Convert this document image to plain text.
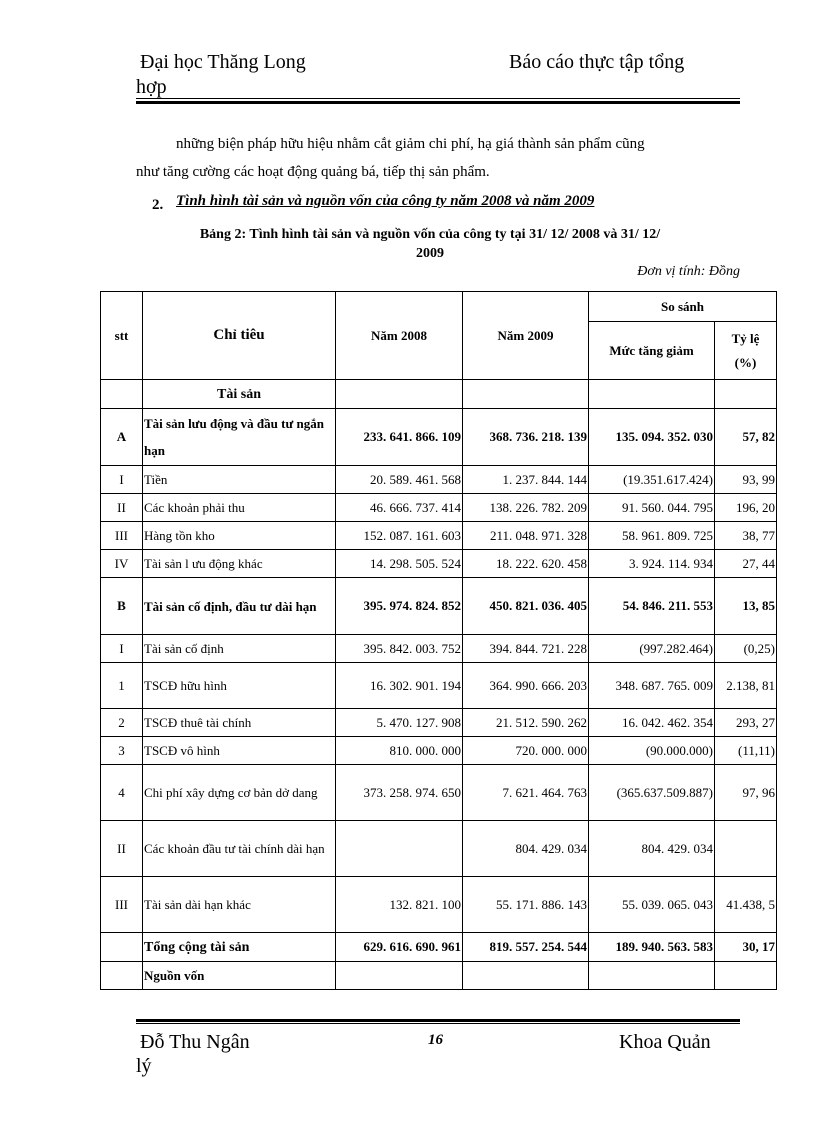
Đại học Thăng Long	Báo cáo thực tập tổng
hợp
những biện pháp hữu hiệu nhằm cắt giảm chi phí, hạ giá thành sản phẩm cũng
như tăng cường các hoạt động quảng bá, tiếp thị sản phẩm.
2. Tình hình tài sản và nguồn vốn của công ty năm 2008 và năm 2009
Bảng 2: Tình hình tài sản và nguồn vốn của công ty tại 31/ 12/ 2008 và 31/ 12/
2009
Đơn vị tính: Đồng
stt	Chỉ tiêu	Năm 2008	Năm 2009	So sánh	
				Mức tăng giảm	Tỷ lệ
(%)
	Tài sản				
A	Tài sản lưu động và đầu tư ngắn hạn	233. 641. 866. 109	368. 736. 218. 139	135. 094. 352. 030	57, 82
I	Tiền	20. 589. 461. 568	1. 237. 844. 144	(19.351.617.424)	93, 99
II	Các khoản phải thu	46. 666. 737. 414	138. 226. 782. 209	91. 560. 044. 795	196, 20
III	Hàng tồn kho	152. 087. 161. 603	211. 048. 971. 328	58. 961. 809. 725	38, 77
IV	Tài sản l ưu động khác	14. 298. 505. 524	18. 222. 620. 458	3. 924. 114. 934	27, 44
B	Tài sản cố định, đầu tư dài hạn	395. 974. 824. 852	450. 821. 036. 405	54. 846. 211. 553	13, 85
I	Tài sản cố định	395. 842. 003. 752	394. 844. 721. 228	(997.282.464)	(0,25)
1	TSCĐ hữu hình	16. 302. 901. 194	364. 990. 666. 203	348. 687. 765. 009	2.138, 81
2	TSCĐ thuê tài chính	5. 470. 127. 908	21. 512. 590. 262	16. 042. 462. 354	293, 27
3	TSCĐ vô hình	810. 000. 000	720. 000. 000	(90.000.000)	(11,11)
4	Chi phí xây dựng cơ bản dở dang	373. 258. 974. 650	7. 621. 464. 763	(365.637.509.887)	97, 96
II	Các khoản đầu tư tài chính dài hạn		804. 429. 034	804. 429. 034	
III	Tài sản dài hạn khác	132. 821. 100	55. 171. 886. 143	55. 039. 065. 043	41.438, 5
	Tổng cộng tài sản	629. 616. 690. 961	819. 557. 254. 544	189. 940. 563. 583	30, 17
	Nguồn vốn				
Đỗ Thu Ngân	16	Khoa Quản
lý
